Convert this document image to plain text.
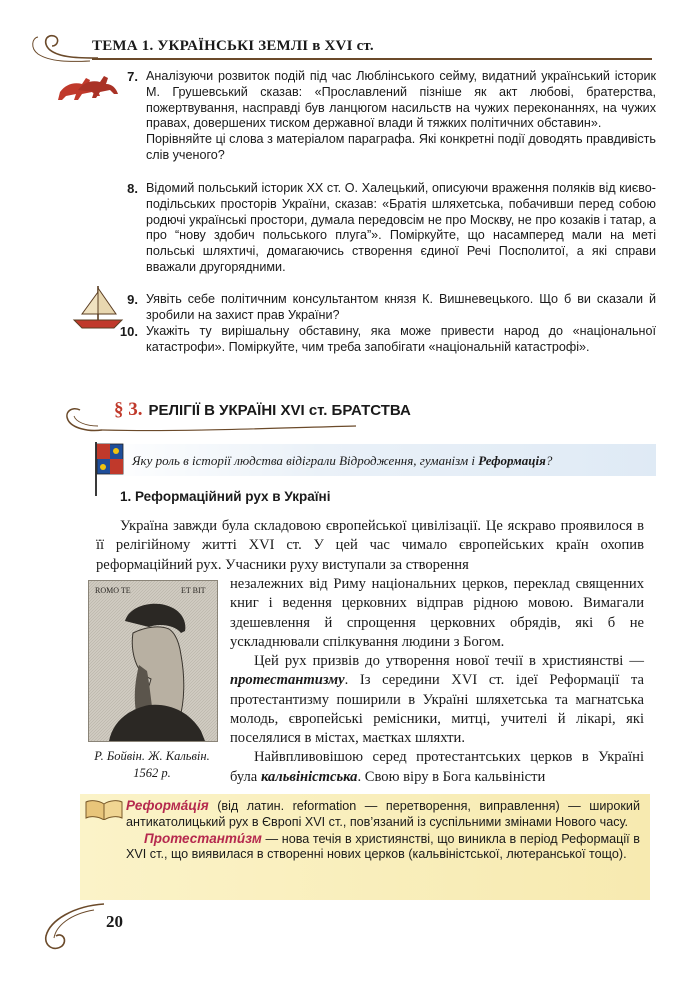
ТЕМА 1. УКРАЇНСЬКІ ЗЕМЛІ в XVI ст.
7. Аналізуючи розвиток подій під час Люблінського сейму, видатний український історик М. Грушевський сказав: «Прославлений пізніше як акт любові, братерства, пожертвування, насправді був ланцюгом насильств на чужих переконаннях, на чужих правах, довершених тиском державної влади й тяжких політичних обставин».

Порівняйте ці слова з матеріалом параграфа. Які конкретні події доводять правдивість слів ученого?

8. Відомий польський історик XX ст. О. Халецький, описуючи враження поляків від києво-подільських просторів України, сказав: «Братія шляхетська, побачивши перед собою родючі українські простори, думала передовсім не про Москву, не про козаків і татар, а про “нову здобич польського плуга”». Поміркуйте, що насамперед мали на меті польські шляхтичі, домагаючись створення єдиної Речі Посполитої, а які справи вважали другорядними.

9. Уявіть себе політичним консультантом князя К. Вишневецького. Що б ви сказали й зробили на захист прав України?

10. Укажіть ту вирішальну обставину, яка може привести народ до «національної катастрофи». Поміркуйте, чим треба запобігати «національній катастрофі».

§ 3. РЕЛІГІЇ В УКРАЇНІ XVI ст. БРАТСТВА
Яку роль в історії людства відіграли Відродження, гуманізм і Реформація?
1. Реформаційний рух в Україні
Україна завжди була складовою європейської цивілізації. Це яскраво проявилося в її релігійному житті XVI ст. У цей час чимало європейських країн охопив реформаційний рух. Учасники руху виступали за створення
ROMO TE	ET BIT
Р. Бойвін. Ж. Кальвін.
1562 р.
незалежних від Риму національних церков, переклад священних книг і ведення церковних відправ рідною мовою. Вимагали здешевлення й спрощення церковних обрядів, які б не ускладнювали спілкування людини з Богом.
Цей рух призвів до утворення нової течії в християнстві — протестантизму. Із середини XVI ст. ідеї Реформації та протестантизму поширили в Україні шляхетська та магнатська молодь, європейські ремісники, митці, учителі й лікарі, які поселялися в містах, маєтках шляхти.
Найвпливовішою серед протестантських церков в Україні була кальвіністська. Свою віру в Бога кальвіністи

Реформа́ція (від латин. reformation — перетворення, виправлення) — широкий антикатолицький рух в Європі XVI ст., пов’язаний із суспільними змінами Нового часу.

Протестанти́зм — нова течія в християнстві, що виникла в період Реформації в XVI ст., що виявилася в створенні нових церков (кальвіністської, лютеранської тощо).

20
